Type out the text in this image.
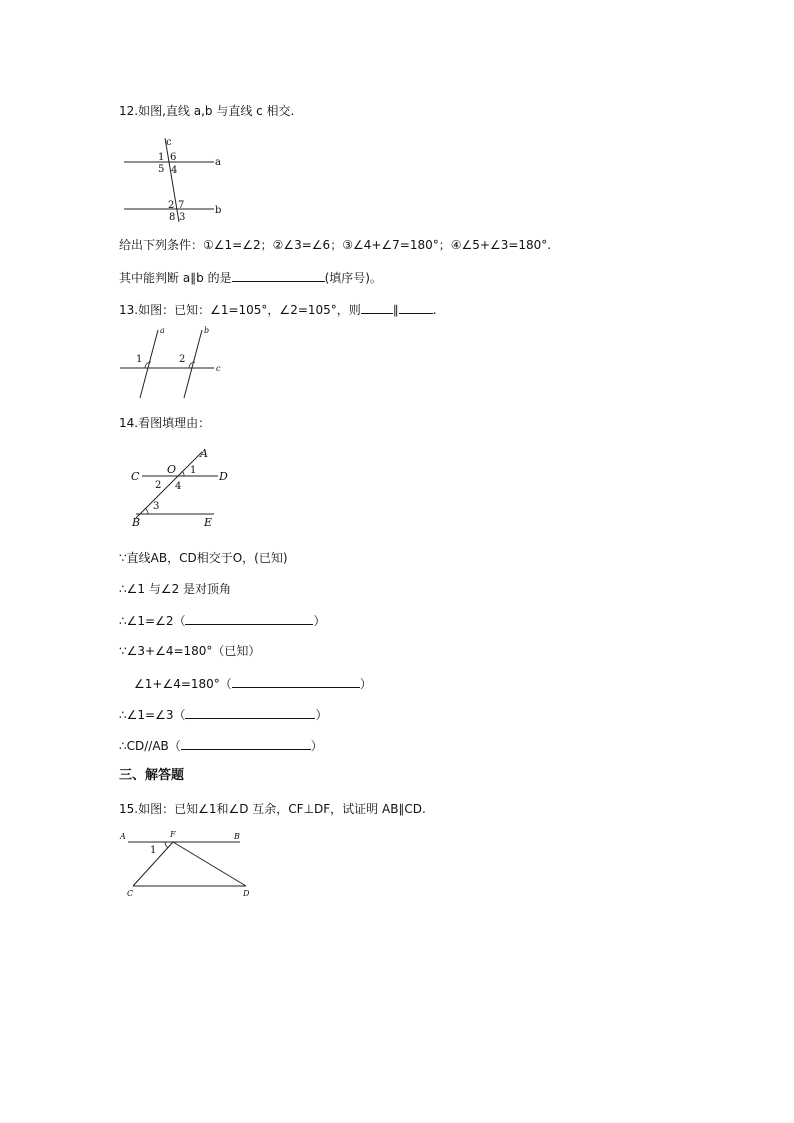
12.如图,直线 a,b 与直线 c 相交.
c
a
b
1 6
5 4
2 7
8 3
给出下列条件：①∠1=∠2；②∠3=∠6；③∠4+∠7=180°；④∠5+∠3=180°.
其中能判断 a∥b 的是	(填序号)。
13.如图：已知：∠1=105°，∠2=105°，则	∥	.
a	b
c
1	2
14.看图填理由：
A
O 1
C	D
2 4
3
B	E
∵直线AB，CD相交于O，(已知)
∴∠1 与∠2 是对顶角
∴∠1=∠2（	）
∵∠3+∠4=180°（已知）
∠1+∠4=180°（	）
∴∠1=∠3（	）
∴CD//AB（	）
三、解答题
15.如图：已知∠1和∠D 互余，CF⊥DF，试证明 AB∥CD.
A	F	B
1
C	D
